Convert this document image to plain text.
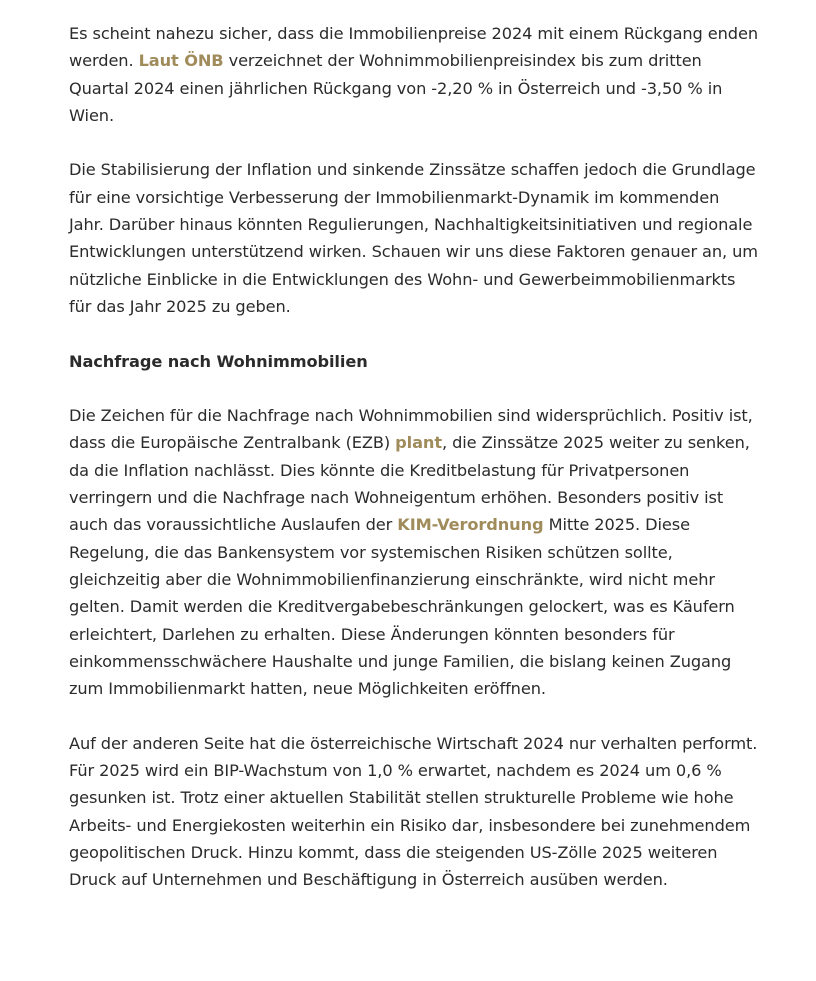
Es scheint nahezu sicher, dass die Immobilienpreise 2024 mit einem Rückgang enden werden. Laut ÖNB verzeichnet der Wohnimmobilienpreisindex bis zum dritten Quartal 2024 einen jährlichen Rückgang von -2,20 % in Österreich und -3,50 % in Wien.

Die Stabilisierung der Inflation und sinkende Zinssätze schaffen jedoch die Grundlage für eine vorsichtige Verbesserung der Immobilienmarkt-Dynamik im kommenden Jahr. Darüber hinaus könnten Regulierungen, Nachhaltigkeitsinitiativen und regionale Entwicklungen unterstützend wirken. Schauen wir uns diese Faktoren genauer an, um nützliche Einblicke in die Entwicklungen des Wohn- und Gewerbeimmobilienmarkts für das Jahr 2025 zu geben.

Nachfrage nach Wohnimmobilien

Die Zeichen für die Nachfrage nach Wohnimmobilien sind widersprüchlich. Positiv ist, dass die Europäische Zentralbank (EZB) plant, die Zinssätze 2025 weiter zu senken, da die Inflation nachlässt. Dies könnte die Kreditbelastung für Privatpersonen verringern und die Nachfrage nach Wohneigentum erhöhen. Besonders positiv ist auch das voraussichtliche Auslaufen der KIM-Verordnung Mitte 2025. Diese Regelung, die das Bankensystem vor systemischen Risiken schützen sollte, gleichzeitig aber die Wohnimmobilienfinanzierung einschränkte, wird nicht mehr gelten. Damit werden die Kreditvergabebeschränkungen gelockert, was es Käufern erleichtert, Darlehen zu erhalten. Diese Änderungen könnten besonders für einkommensschwächere Haushalte und junge Familien, die bislang keinen Zugang zum Immobilienmarkt hatten, neue Möglichkeiten eröffnen.

Auf der anderen Seite hat die österreichische Wirtschaft 2024 nur verhalten performt. Für 2025 wird ein BIP-Wachstum von 1,0 % erwartet, nachdem es 2024 um 0,6 % gesunken ist. Trotz einer aktuellen Stabilität stellen strukturelle Probleme wie hohe Arbeits- und Energiekosten weiterhin ein Risiko dar, insbesondere bei zunehmendem geopolitischen Druck. Hinzu kommt, dass die steigenden US-Zölle 2025 weiteren Druck auf Unternehmen und Beschäftigung in Österreich ausüben werden.
